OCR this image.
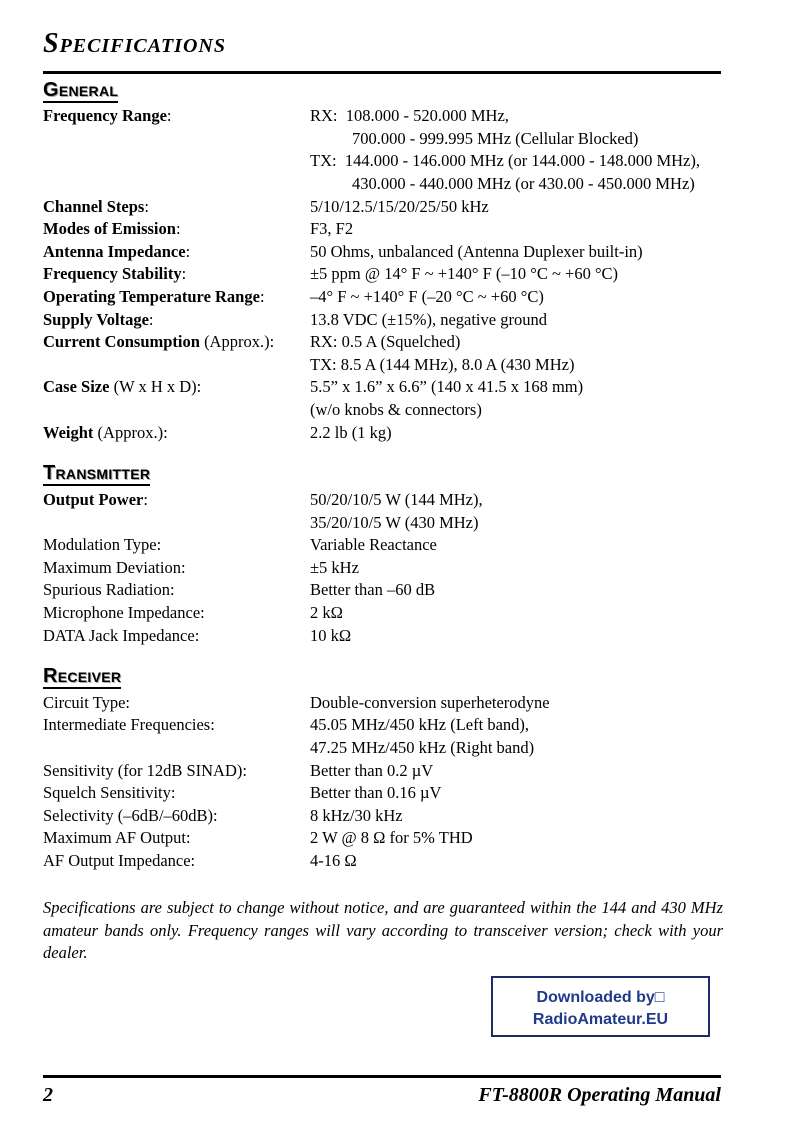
Specifications
General
Frequency Range:	RX:  108.000 - 520.000 MHz,
700.000 - 999.995 MHz (Cellular Blocked)
TX:  144.000 - 146.000 MHz (or 144.000 - 148.000 MHz),
430.000 - 440.000 MHz (or 430.00 - 450.000 MHz)
Channel Steps:	5/10/12.5/15/20/25/50 kHz
Modes of Emission:	F3, F2
Antenna Impedance:	50 Ohms, unbalanced (Antenna Duplexer built-in)
Frequency Stability:	±5 ppm @ 14° F ~ +140° F (–10 °C ~ +60 °C)
Operating Temperature Range:	–4° F ~ +140° F (–20 °C ~ +60 °C)
Supply Voltage:	13.8 VDC (±15%), negative ground
Current Consumption (Approx.): RX: 0.5 A (Squelched)
TX: 8.5 A (144 MHz), 8.0 A (430 MHz)
Case Size (W x H x D):	5.5” x 1.6” x 6.6” (140 x 41.5 x 168 mm)
(w/o knobs & connectors)
Weight (Approx.):	2.2 lb (1 kg)
Transmitter
Output Power:	50/20/10/5 W (144 MHz),
35/20/10/5 W (430 MHz)
Modulation Type:	Variable Reactance
Maximum Deviation:	±5 kHz
Spurious Radiation:	Better than –60 dB
Microphone Impedance:	2 kΩ
DATA Jack Impedance:	10 kΩ
Receiver
Circuit Type:	Double-conversion superheterodyne
Intermediate Frequencies:	45.05 MHz/450 kHz (Left band),
47.25 MHz/450 kHz (Right band)
Sensitivity (for 12dB SINAD):	Better than 0.2 µV
Squelch Sensitivity:	Better than 0.16 µV
Selectivity (–6dB/–60dB):	8 kHz/30 kHz
Maximum AF Output:	2 W @ 8 Ω for 5% THD
AF Output Impedance:	4-16 Ω

Specifications are subject to change without notice, and are guaranteed within the 144 and 430 MHz amateur bands only. Frequency ranges will vary according to transceiver version; check with your dealer.

Downloaded by□
RadioAmateur.EU
2	FT-8800R Operating Manual
